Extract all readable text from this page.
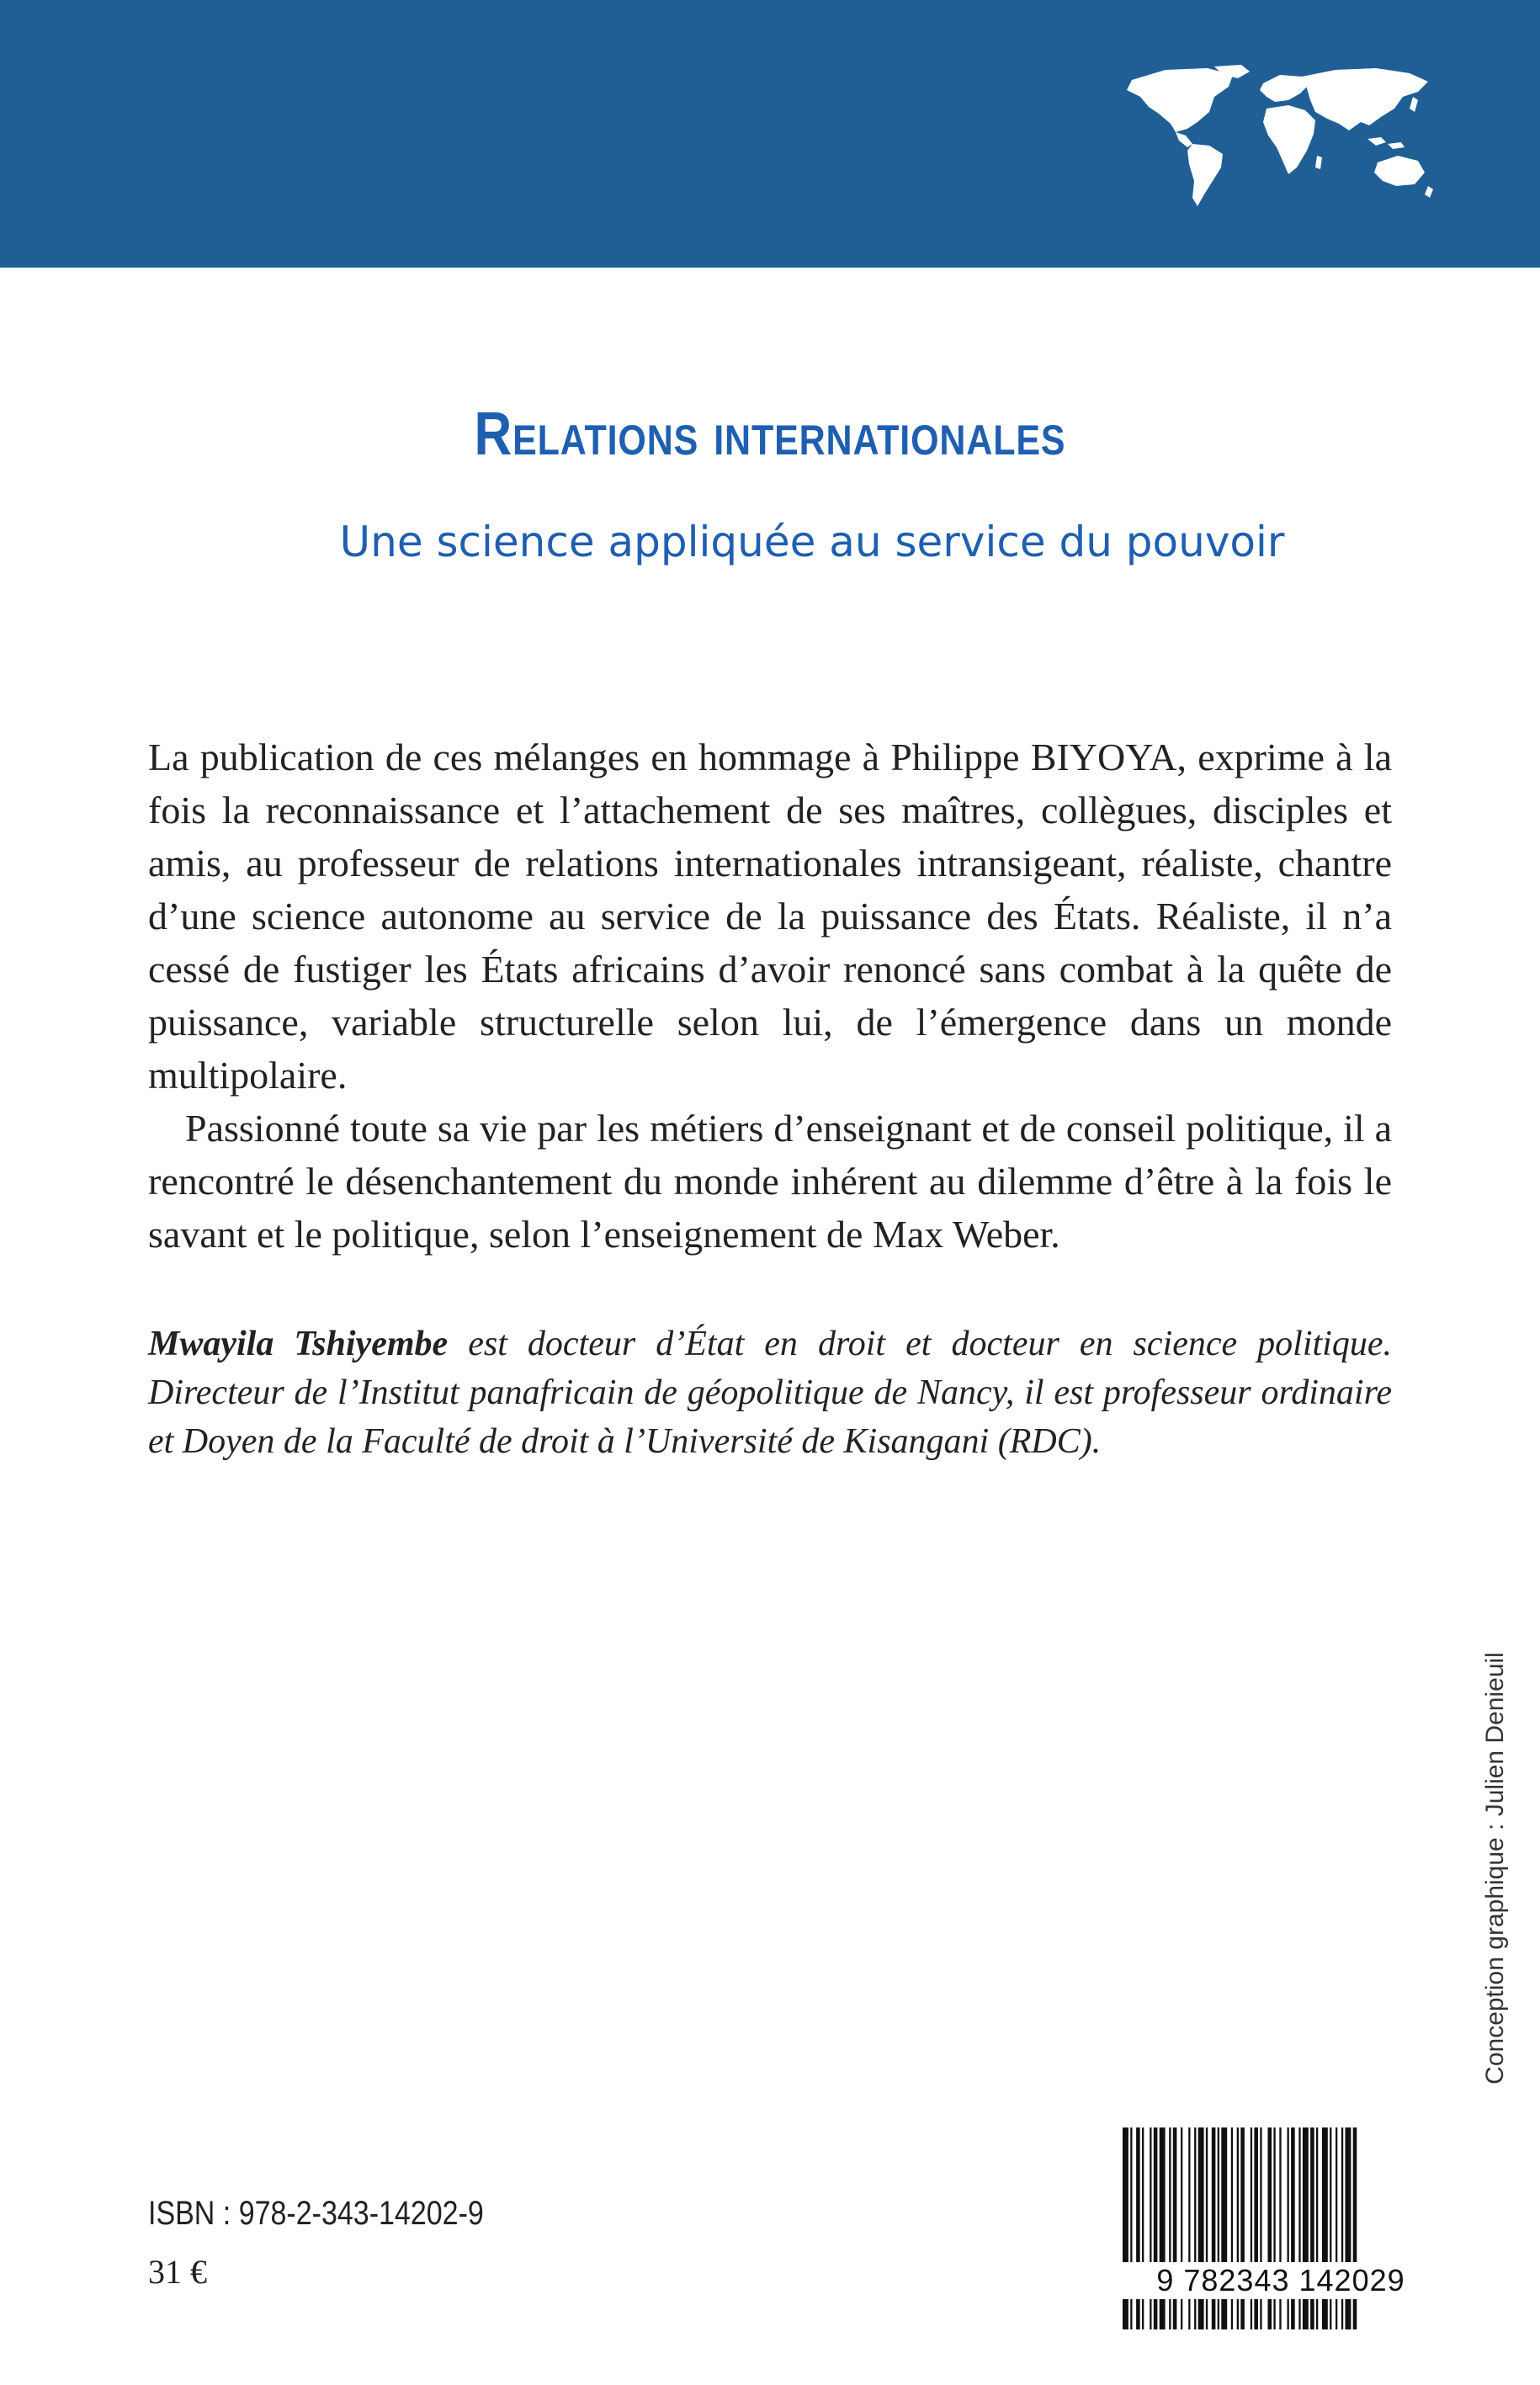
Relations internationales
Une science appliquée au service du pouvoir

La publication de ces mélanges en hommage à Philippe BIYOYA, exprime à la fois la reconnaissance et l’attachement de ses maîtres, collègues, disciples et amis, au professeur de relations internationales intransigeant, réaliste, chantre d’une science autonome au service de la puissance des États. Réaliste, il n’a cessé de fustiger les États africains d’avoir renoncé sans combat à la quête de puissance, variable structurelle selon lui, de l’émergence dans un monde multipolaire.

Passionné toute sa vie par les métiers d’enseignant et de conseil politique, il a rencontré le désenchantement du monde inhérent au dilemme d’être à la fois le savant et le politique, selon l’enseignement de Max Weber.

Mwayila Tshiyembe est docteur d’État en droit et docteur en science politique. Directeur de l’Institut panafricain de géopolitique de Nancy, il est professeur ordinaire et Doyen de la Faculté de droit à l’Université de Kisangani (RDC).
Conception graphique : Julien Denieuil
ISBN : 978-2-343-14202-9
31 €	9 782343 142029
